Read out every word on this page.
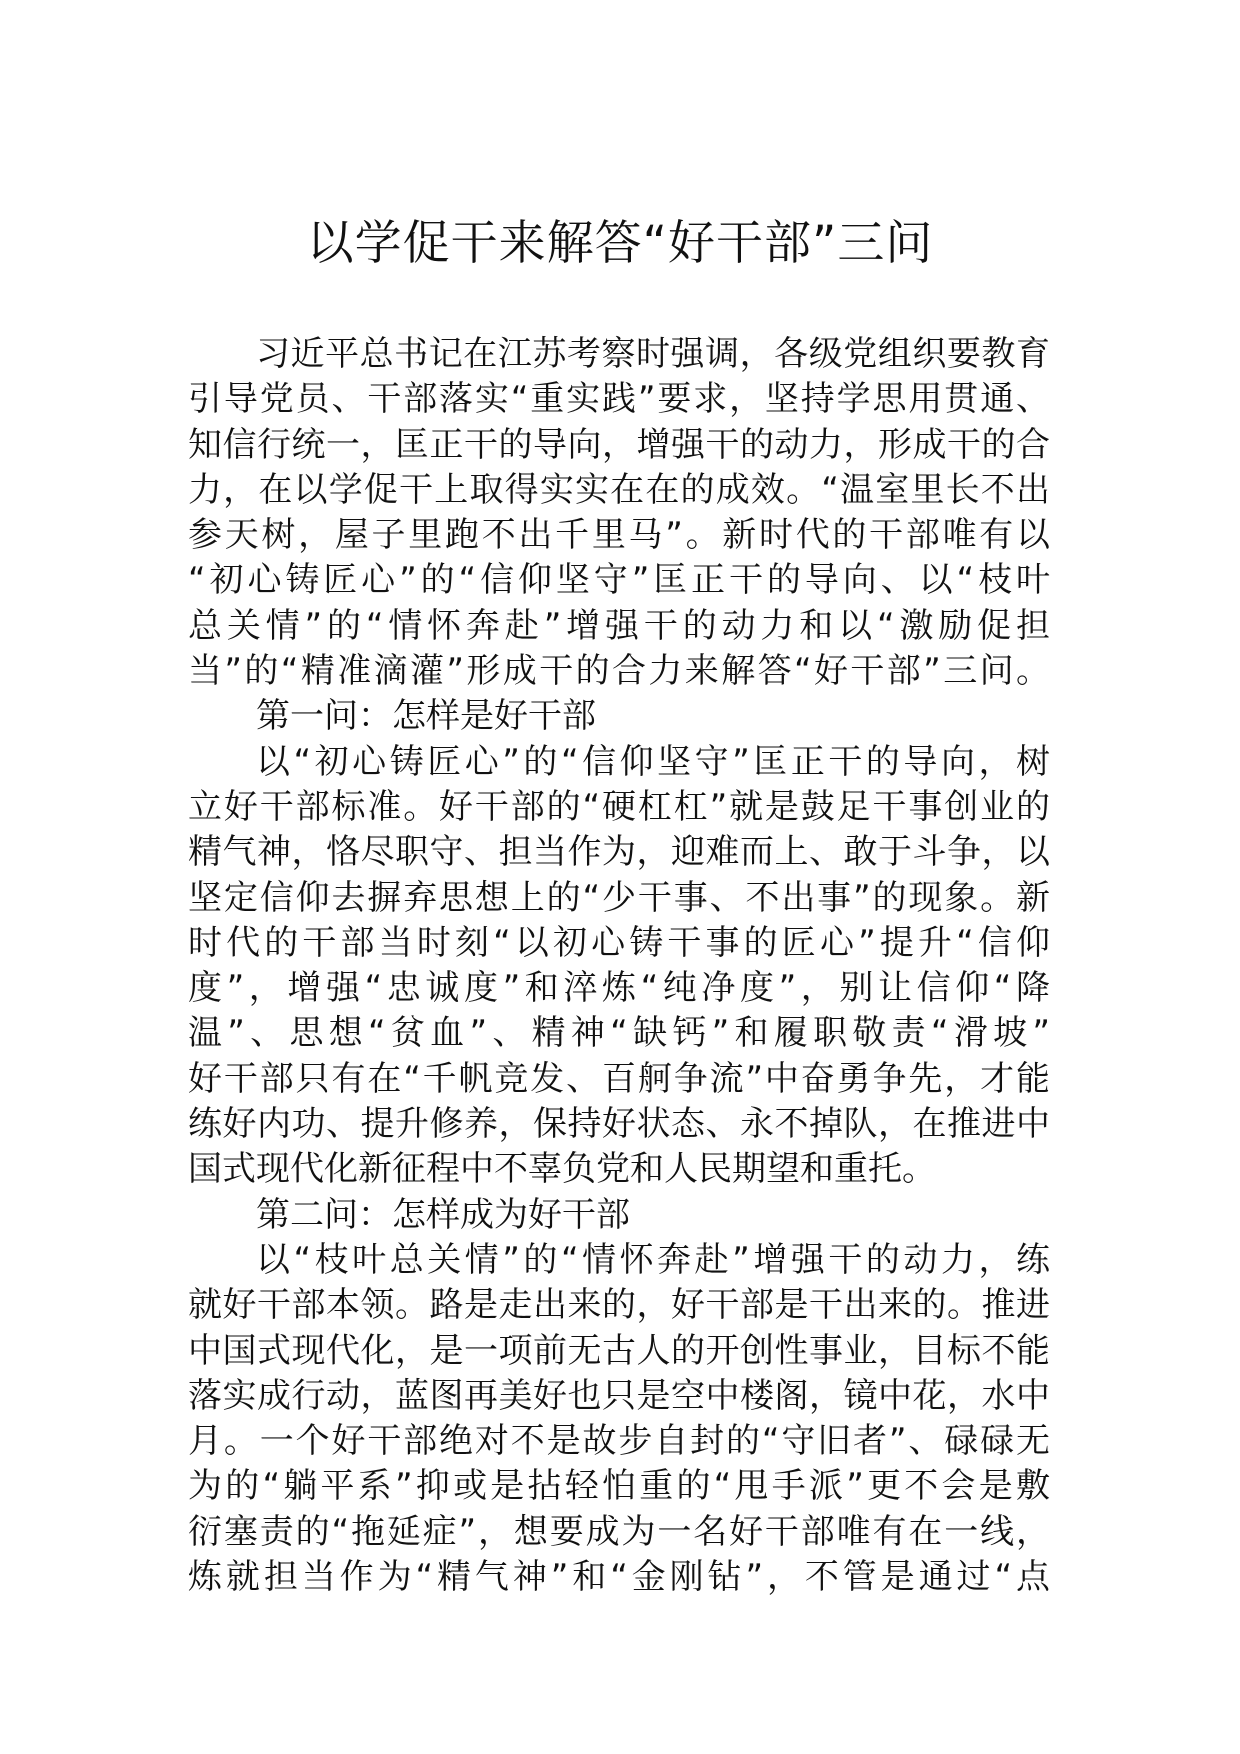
以学促干来解答“好干部”三问
习近平总书记在江苏考察时强调，各级党组织要教育
引导党员、干部落实“重实践”要求，坚持学思用贯通、
知信行统一，匡正干的导向，增强干的动力，形成干的合
力，在以学促干上取得实实在在的成效。“温室里长不出
参天树，屋子里跑不出千里马”。新时代的干部唯有以
“初心铸匠心”的“信仰坚守”匡正干的导向、以“枝叶
总关情”的“情怀奔赴”增强干的动力和以“激励促担
当”的“精准滴灌”形成干的合力来解答“好干部”三问。
第一问：怎样是好干部
以“初心铸匠心”的“信仰坚守”匡正干的导向，树
立好干部标准。好干部的“硬杠杠”就是鼓足干事创业的
精气神，恪尽职守、担当作为，迎难而上、敢于斗争，以
坚定信仰去摒弃思想上的“少干事、不出事”的现象。新
时代的干部当时刻“以初心铸干事的匠心”提升“信仰
度”，增强“忠诚度”和淬炼“纯净度”，别让信仰“降
温”、思想“贫血”、精神“缺钙”和履职敬责“滑坡”
好干部只有在“千帆竞发、百舸争流”中奋勇争先，才能
练好内功、提升修养，保持好状态、永不掉队，在推进中
国式现代化新征程中不辜负党和人民期望和重托。
第二问：怎样成为好干部
以“枝叶总关情”的“情怀奔赴”增强干的动力，练
就好干部本领。路是走出来的，好干部是干出来的。推进
中国式现代化，是一项前无古人的开创性事业，目标不能
落实成行动，蓝图再美好也只是空中楼阁，镜中花，水中
月。一个好干部绝对不是故步自封的“守旧者”、碌碌无
为的“躺平系”抑或是拈轻怕重的“甩手派”更不会是敷
衍塞责的“拖延症”，想要成为一名好干部唯有在一线，
炼就担当作为“精气神”和“金刚钻”，不管是通过“点
